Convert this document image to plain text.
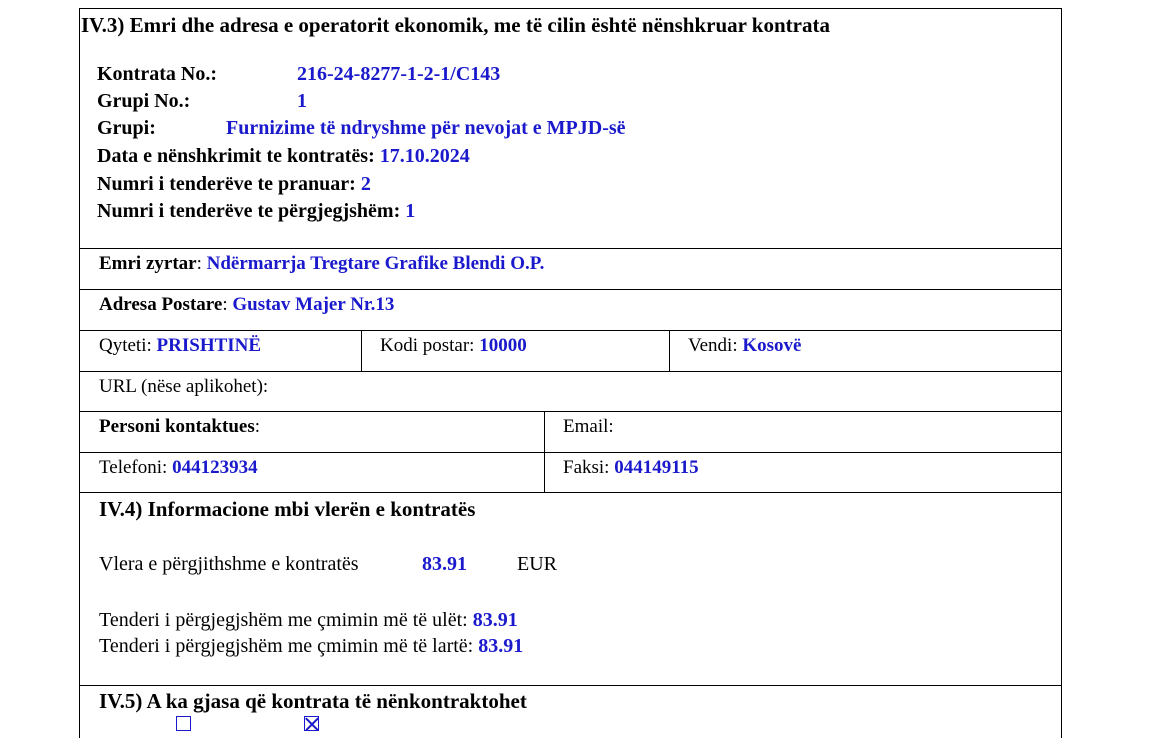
IV.3) Emri dhe adresa e operatorit ekonomik, me të cilin është nënshkruar kontrata
Kontrata No.:	216-24-8277-1-2-1/C143
Grupi No.:	1
Grupi:	Furnizime të ndryshme për nevojat e MPJD-së
Data e nënshkrimit te kontratës: 17.10.2024
Numri i tenderëve te pranuar: 2
Numri i tenderëve te përgjegjshëm: 1
Emri zyrtar: Ndërmarrja Tregtare Grafike Blendi O.P.
Adresa Postare: Gustav Majer Nr.13
Qyteti: PRISHTINË	Kodi postar: 10000	Vendi: Kosovë
URL (nëse aplikohet):
Personi kontaktues:	Email:
Telefoni: 044123934	Faksi: 044149115
IV.4) Informacione mbi vlerën e kontratës
Vlera e përgjithshme e kontratës	83.91	EUR
Tenderi i përgjegjshëm me çmimin më të ulët: 83.91
Tenderi i përgjegjshëm me çmimin më të lartë: 83.91
IV.5) A ka gjasa që kontrata të nënkontraktohet
